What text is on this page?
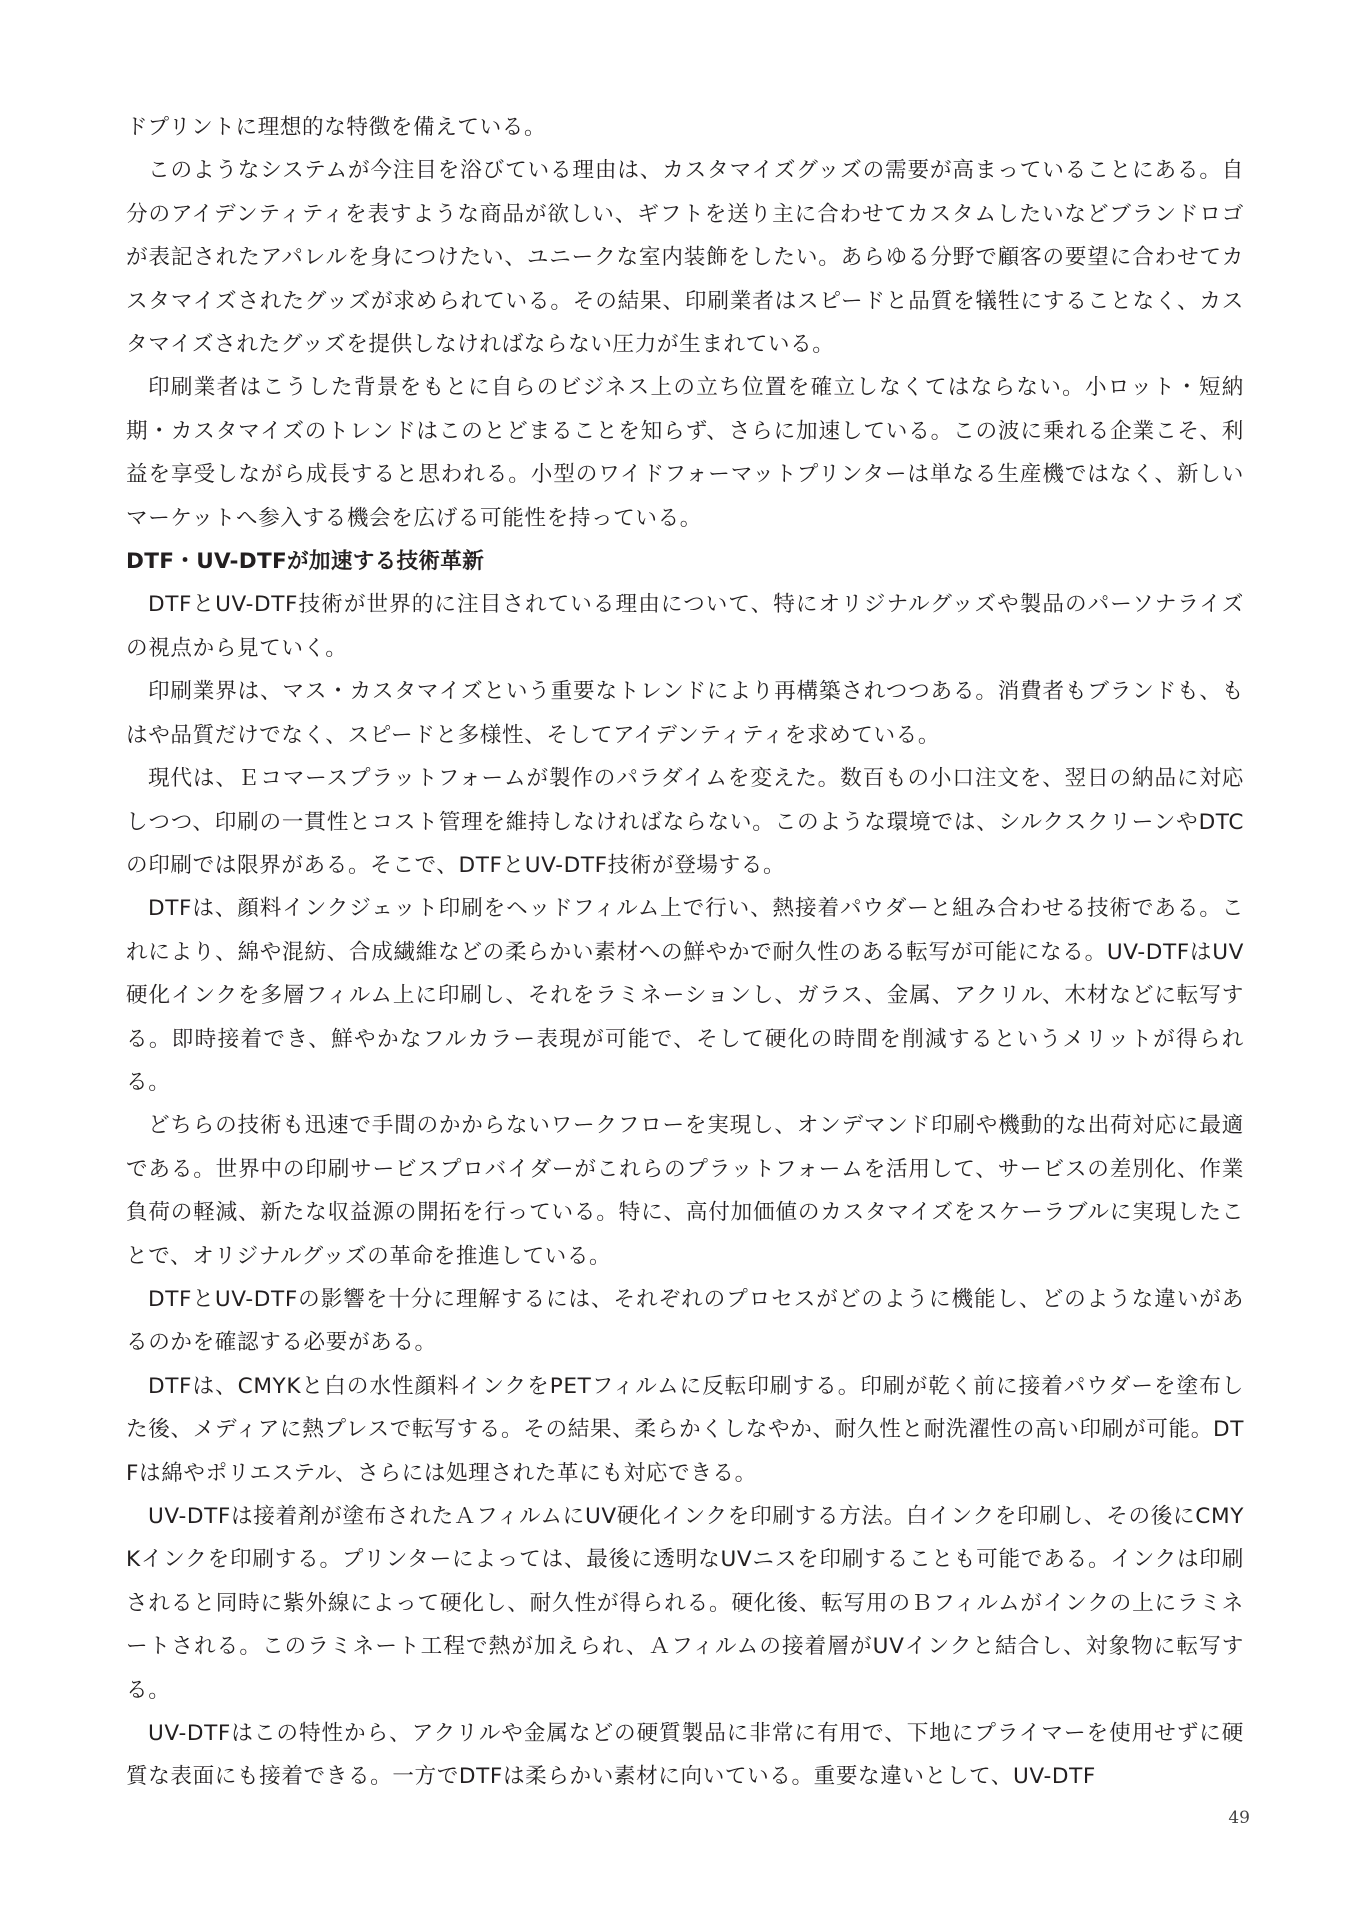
ドプリントに理想的な特徴を備えている。

このようなシステムが今注目を浴びている理由は、カスタマイズグッズの需要が高まっていることにある。自分のアイデンティティを表すような商品が欲しい、ギフトを送り主に合わせてカスタムしたいなどブランドロゴが表記されたアパレルを身につけたい、ユニークな室内装飾をしたい。あらゆる分野で顧客の要望に合わせてカスタマイズされたグッズが求められている。その結果、印刷業者はスピードと品質を犠牲にすることなく、カスタマイズされたグッズを提供しなければならない圧力が生まれている。

印刷業者はこうした背景をもとに自らのビジネス上の立ち位置を確立しなくてはならない。小ロット・短納期・カスタマイズのトレンドはこのとどまることを知らず、さらに加速している。この波に乗れる企業こそ、利益を享受しながら成長すると思われる。小型のワイドフォーマットプリンターは単なる生産機ではなく、新しいマーケットへ参入する機会を広げる可能性を持っている。

DTF・UV-DTFが加速する技術革新

DTFとUV-DTF技術が世界的に注目されている理由について、特にオリジナルグッズや製品のパーソナライズの視点から見ていく。

印刷業界は、マス・カスタマイズという重要なトレンドにより再構築されつつある。消費者もブランドも、もはや品質だけでなく、スピードと多様性、そしてアイデンティティを求めている。

現代は、Ｅコマースプラットフォームが製作のパラダイムを変えた。数百もの小口注文を、翌日の納品に対応しつつ、印刷の一貫性とコスト管理を維持しなければならない。このような環境では、シルクスクリーンやDTCの印刷では限界がある。そこで、DTFとUV-DTF技術が登場する。

DTFは、顔料インクジェット印刷をヘッドフィルム上で行い、熱接着パウダーと組み合わせる技術である。これにより、綿や混紡、合成繊維などの柔らかい素材への鮮やかで耐久性のある転写が可能になる。UV-DTFはUV硬化インクを多層フィルム上に印刷し、それをラミネーションし、ガラス、金属、アクリル、木材などに転写する。即時接着でき、鮮やかなフルカラー表現が可能で、そして硬化の時間を削減するというメリットが得られる。

どちらの技術も迅速で手間のかからないワークフローを実現し、オンデマンド印刷や機動的な出荷対応に最適である。世界中の印刷サービスプロバイダーがこれらのプラットフォームを活用して、サービスの差別化、作業負荷の軽減、新たな収益源の開拓を行っている。特に、高付加価値のカスタマイズをスケーラブルに実現したことで、オリジナルグッズの革命を推進している。

DTFとUV-DTFの影響を十分に理解するには、それぞれのプロセスがどのように機能し、どのような違いがあるのかを確認する必要がある。

DTFは、CMYKと白の水性顔料インクをPETフィルムに反転印刷する。印刷が乾く前に接着パウダーを塗布した後、メディアに熱プレスで転写する。その結果、柔らかくしなやか、耐久性と耐洗濯性の高い印刷が可能。DTFは綿やポリエステル、さらには処理された革にも対応できる。

UV-DTFは接着剤が塗布されたＡフィルムにUV硬化インクを印刷する方法。白インクを印刷し、その後にCMYKインクを印刷する。プリンターによっては、最後に透明なUVニスを印刷することも可能である。インクは印刷されると同時に紫外線によって硬化し、耐久性が得られる。硬化後、転写用のＢフィルムがインクの上にラミネートされる。このラミネート工程で熱が加えられ、Ａフィルムの接着層がUVインクと結合し、対象物に転写する。

UV-DTFはこの特性から、アクリルや金属などの硬質製品に非常に有用で、下地にプライマーを使用せずに硬質な表面にも接着できる。一方でDTFは柔らかい素材に向いている。重要な違いとして、UV-DTF

49
